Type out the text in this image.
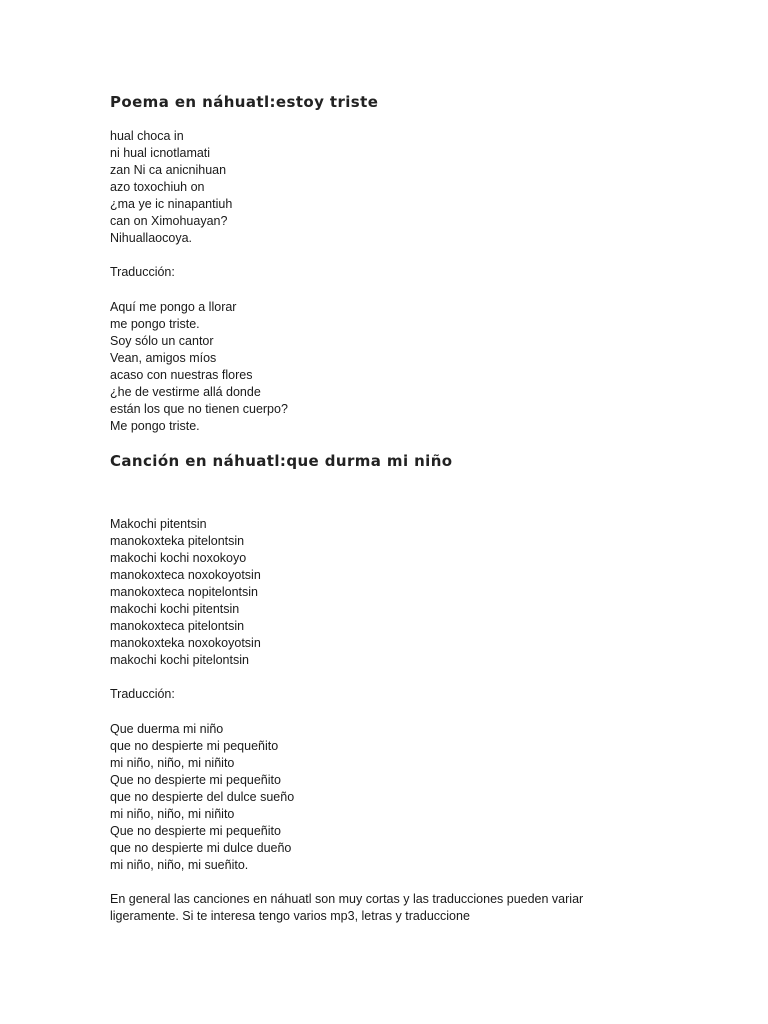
Poema en náhuatl:estoy triste
hual choca in
ni hual icnotlamati
zan Ni ca anicnihuan
azo toxochiuh on
¿ma ye ic ninapantiuh
can on Ximohuayan?
Nihuallaocoya.

Traducción:

Aquí me pongo a llorar
me pongo triste.
Soy sólo un cantor
Vean, amigos míos
acaso con nuestras flores
¿he de vestirme allá donde
están los que no tienen cuerpo?
Me pongo triste.
Canción en náhuatl:que durma mi niño
Makochi pitentsin
manokoxteka pitelontsin
makochi kochi noxokoyo
manokoxteca noxokoyotsin
manokoxteca nopitelontsin
makochi kochi pitentsin
manokoxteca pitelontsin
manokoxteka noxokoyotsin
makochi kochi pitelontsin

Traducción:

Que duerma mi niño
que no despierte mi pequeñito
mi niño, niño, mi niñito
Que no despierte mi pequeñito
que no despierte del dulce sueño
mi niño, niño, mi niñito
Que no despierte mi pequeñito
que no despierte mi dulce dueño
mi niño, niño, mi sueñito.

En general las canciones en náhuatl son muy cortas y las traducciones pueden variar ligeramente. Si te interesa tengo varios mp3, letras y traduccione
